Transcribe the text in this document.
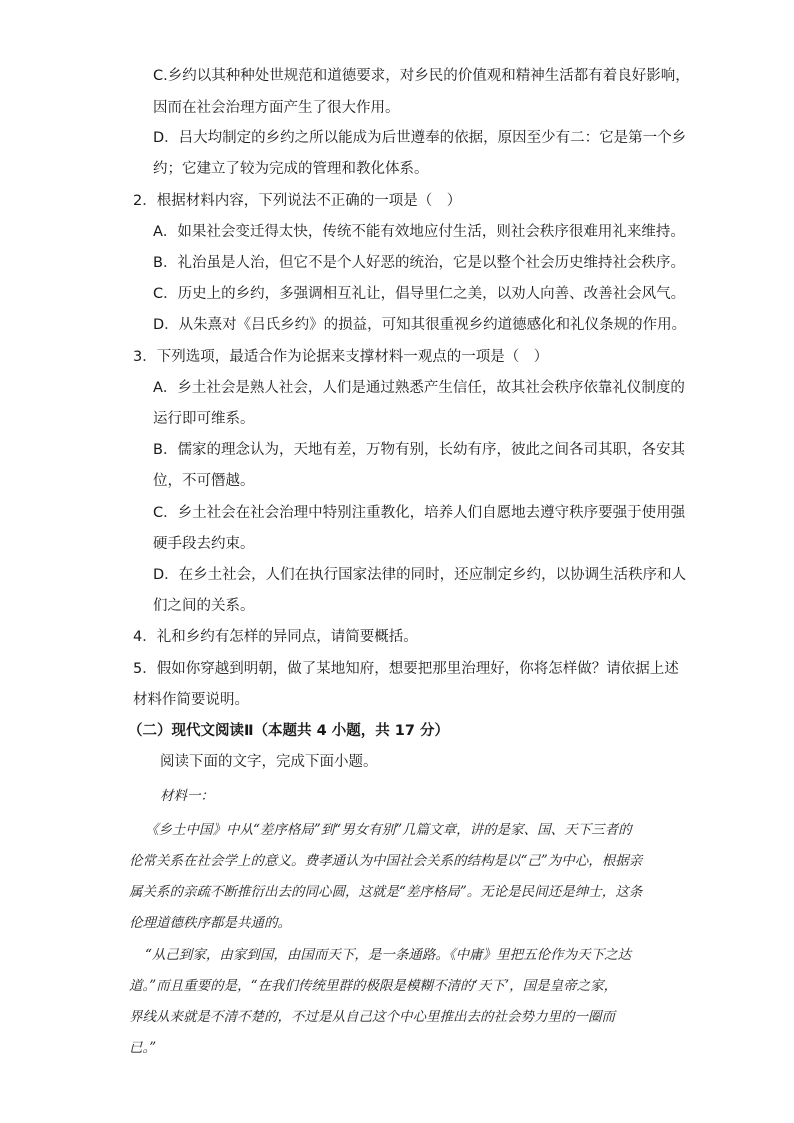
C.乡约以其种种处世规范和道德要求，对乡民的价值观和精神生活都有着良好影响，
因而在社会治理方面产生了很大作用。
D．吕大均制定的乡约之所以能成为后世遵奉的依据，原因至少有二：它是第一个乡
约；它建立了较为完成的管理和教化体系。
2．根据材料内容，下列说法不正确的一项是（　）
A．如果社会变迁得太快，传统不能有效地应付生活，则社会秩序很难用礼来维持。
B．礼治虽是人治，但它不是个人好恶的统治，它是以整个社会历史维持社会秩序。
C．历史上的乡约，多强调相互礼让，倡导里仁之美，以劝人向善、改善社会风气。
D．从朱熹对《吕氏乡约》的损益，可知其很重视乡约道德感化和礼仪条规的作用。
3．下列选项，最适合作为论据来支撑材料一观点的一项是（　）
A．乡土社会是熟人社会，人们是通过熟悉产生信任，故其社会秩序依靠礼仪制度的
运行即可维系。
B．儒家的理念认为，天地有差，万物有别，长幼有序，彼此之间各司其职，各安其
位，不可僭越。
C．乡土社会在社会治理中特别注重教化，培养人们自愿地去遵守秩序要强于使用强
硬手段去约束。
D．在乡土社会，人们在执行国家法律的同时，还应制定乡约，以协调生活秩序和人
们之间的关系。
4．礼和乡约有怎样的异同点，请简要概括。
5．假如你穿越到明朝，做了某地知府，想要把那里治理好，你将怎样做？请依据上述
材料作简要说明。
（二）现代文阅读Ⅱ（本题共 4 小题，共 17 分）
阅读下面的文字，完成下面小题。
材料一：
《乡土中国》中从“差序格局”到“男女有别”几篇文章，讲的是家、国、天下三者的
伦常关系在社会学上的意义。费孝通认为中国社会关系的结构是以“己”为中心，根据亲
属关系的亲疏不断推衍出去的同心圆，这就是“差序格局”。无论是民间还是绅士，这条
伦理道德秩序都是共通的。
“从己到家，由家到国，由国而天下，是一条通路。《中庸》里把五伦作为天下之达
道。”而且重要的是，“在我们传统里群的极限是模糊不清的‘天下’，国是皇帝之家，
界线从来就是不清不楚的，不过是从自己这个中心里推出去的社会势力里的一圈而
已。”
